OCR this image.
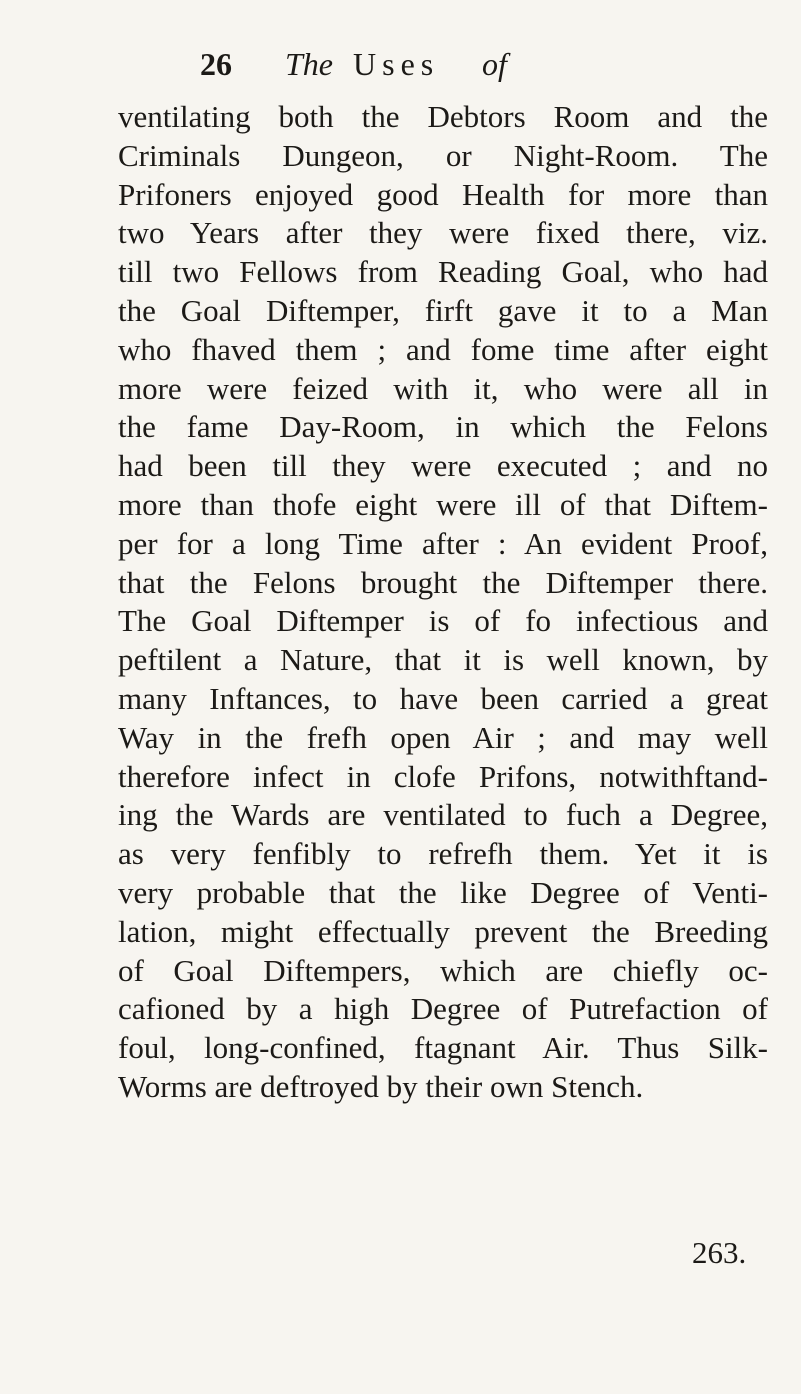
26 The Uses of
ventilating both the Debtors Room and the
Criminals Dungeon, or Night-Room. The
Prifoners enjoyed good Health for more than
two Years after they were fixed there, viz.
till two Fellows from Reading Goal, who had
the Goal Diftemper, firft gave it to a Man
who fhaved them ; and fome time after eight
more were feized with it, who were all in
the fame Day-Room, in which the Felons
had been till they were executed ; and no
more than thofe eight were ill of that Diftem-
per for a long Time after : An evident Proof,
that the Felons brought the Diftemper there.
The Goal Diftemper is of fo infectious and
peftilent a Nature, that it is well known, by
many Inftances, to have been carried a great
Way in the frefh open Air ; and may well
therefore infect in clofe Prifons, notwithftand-
ing the Wards are ventilated to fuch a Degree,
as very fenfibly to refrefh them. Yet it is
very probable that the like Degree of Venti-
lation, might effectually prevent the Breeding
of Goal Diftempers, which are chiefly oc-
cafioned by a high Degree of Putrefaction of
foul, long-confined, ftagnant Air. Thus Silk-
Worms are deftroyed by their own Stench.
263.
